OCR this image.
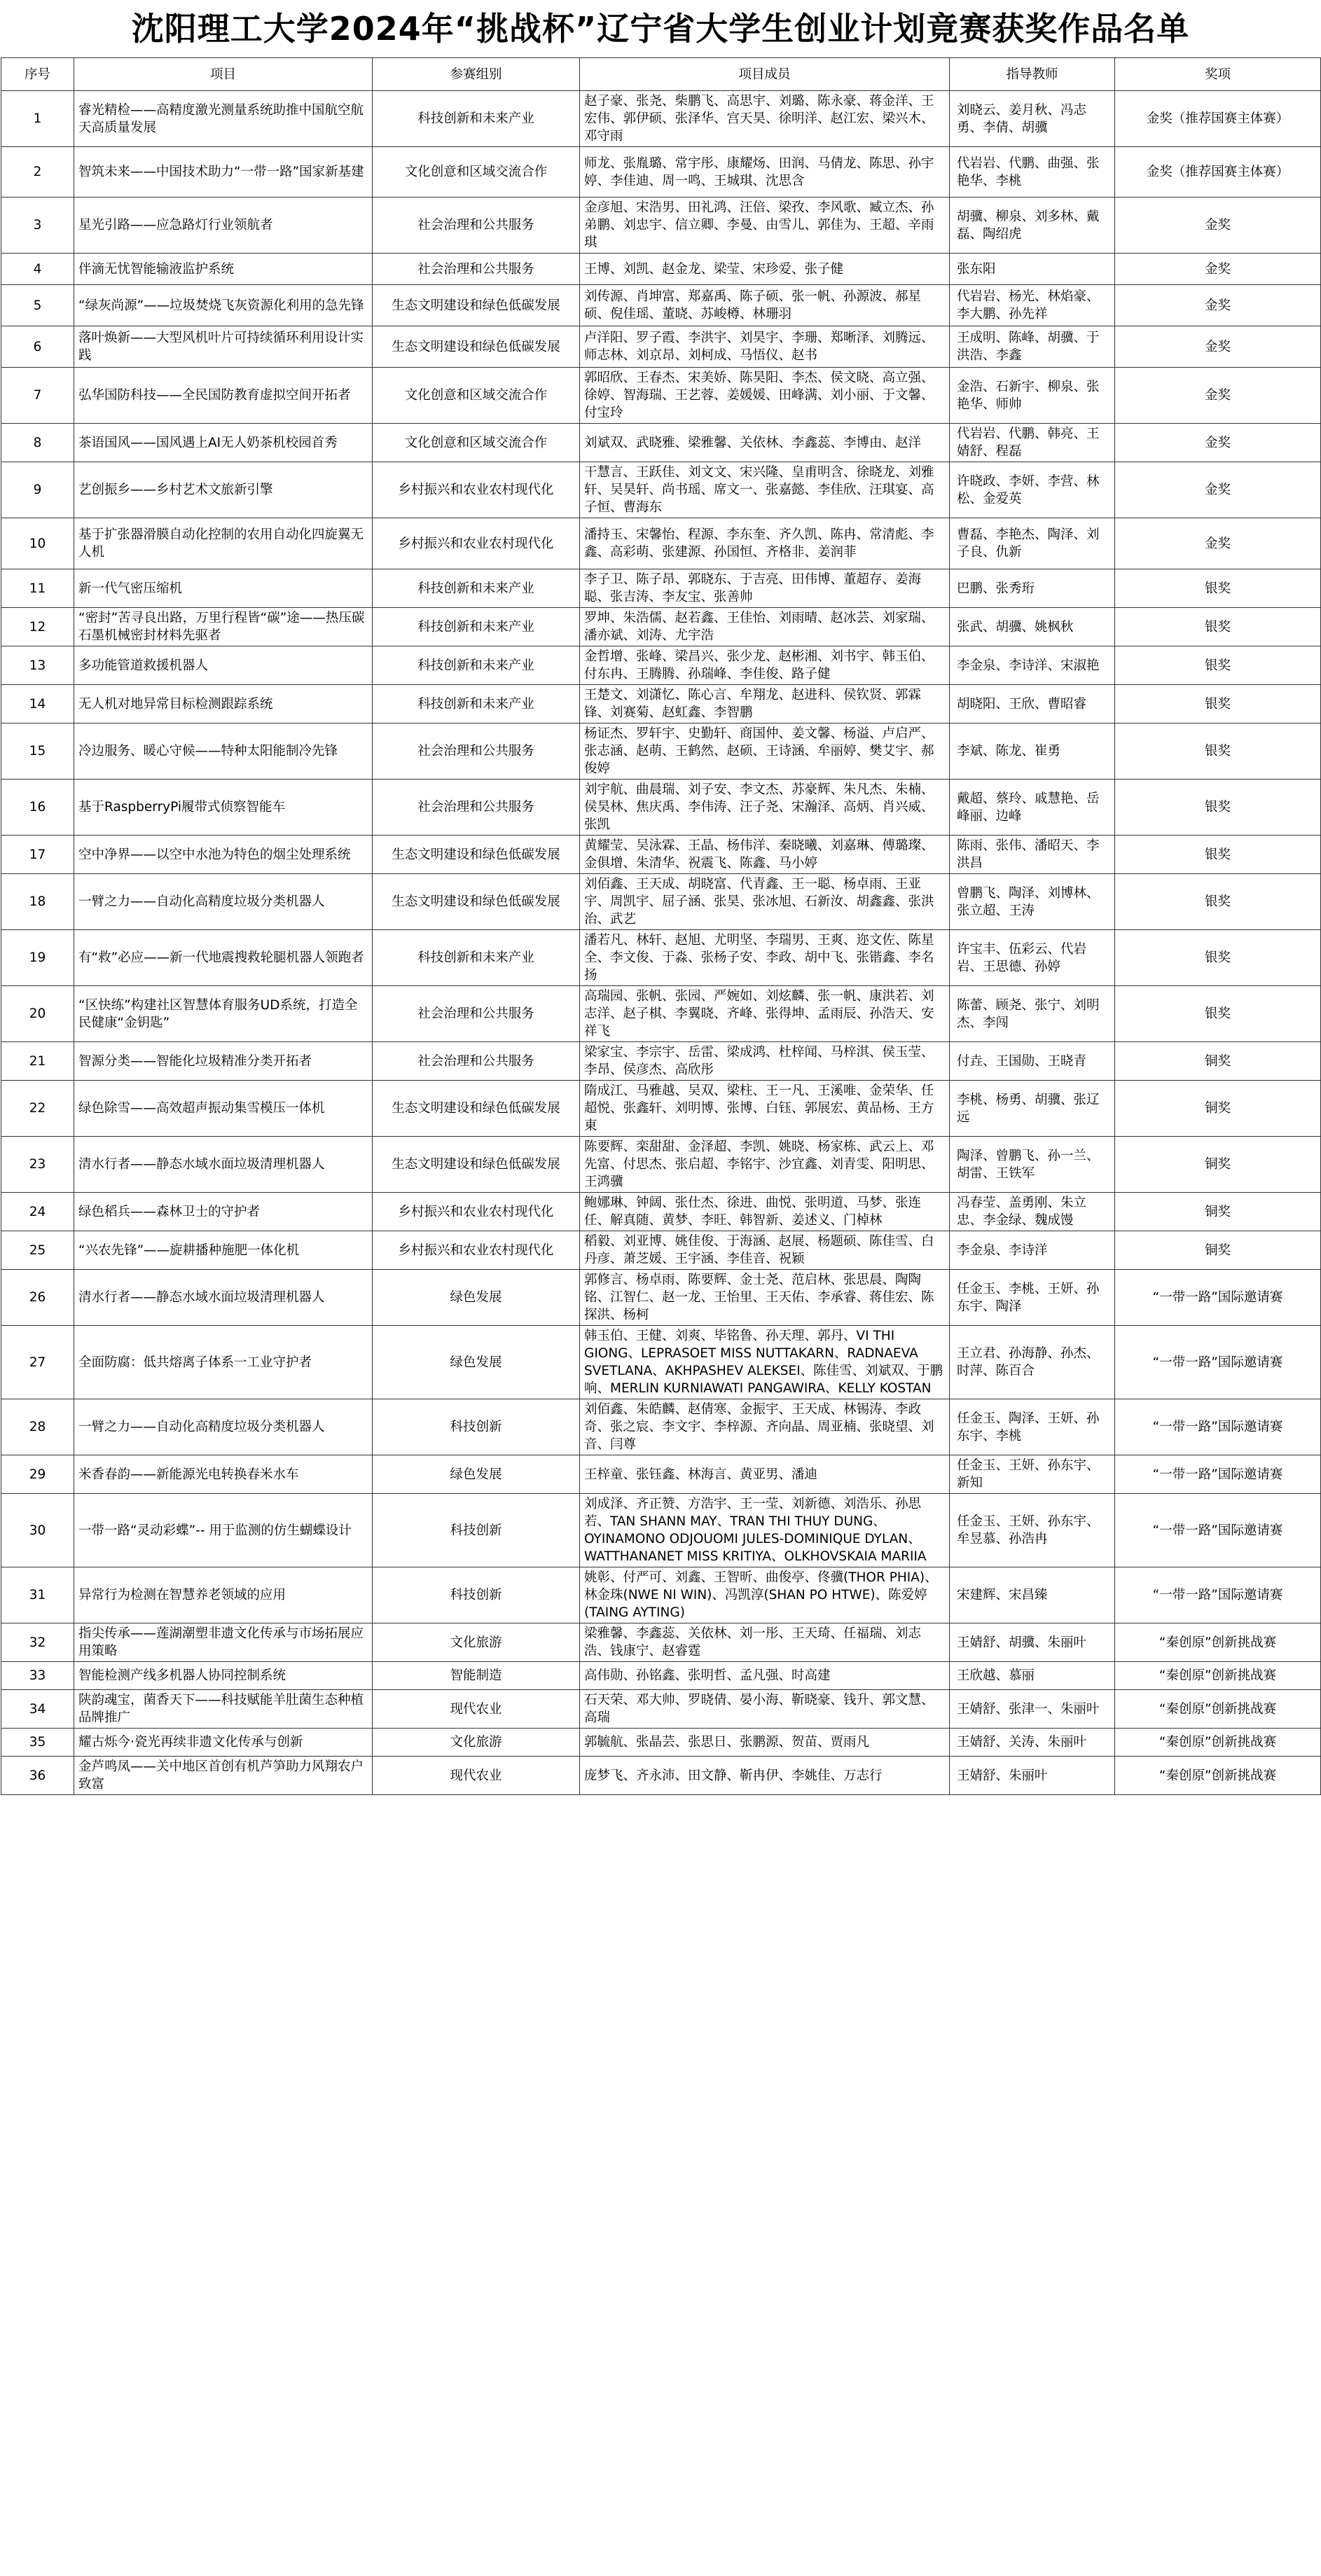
沈阳理工大学2024年“挑战杯”辽宁省大学生创业计划竟赛获奖作品名单
序号	项目	参赛组别	项目成员	指导教师	奖项
1	睿光精检——高精度激光测量系统助推中国航空航天高质量发展	科技创新和未来产业	赵子豪、张尧、柴鹏飞、高思宇、刘璐、陈永豪、蒋金洋、王宏伟、郭伊硕、张泽华、宫天昊、徐明洋、赵江宏、梁兴木、邓守雨	刘晓云、姜月秋、冯志勇、李倩、胡骥	金奖（推荐国赛主体赛）
2	智筑未来——中国技术助力“一带一路”国家新基建	文化创意和区域交流合作	师龙、张胤璐、常宇彤、康耀炀、田润、马倩龙、陈思、孙宇婷、李佳迪、周一鸣、王城琪、沈思含	代岩岩、代鹏、曲强、张艳华、李桃	金奖（推荐国赛主体赛）
3	星光引路——应急路灯行业领航者	社会治理和公共服务	金彦旭、宋浩男、田礼鸿、汪倍、梁孜、李风歌、臧立杰、孙弟鹏、刘忠宇、信立卿、李曼、由雪儿、郭佳为、王超、辛雨琪	胡骥、柳泉、刘多林、戴磊、陶绍虎	金奖
4	伴滴无忧智能输液监护系统	社会治理和公共服务	王博、刘凯、赵金龙、梁莹、宋珍爱、张子健	张东阳	金奖
5	“绿灰尚源”——垃圾焚烧飞灰资源化利用的急先锋	生态文明建设和绿色低碳发展	刘传源、肖坤富、郑嘉禹、陈子硕、张一帆、孙源波、郝星硕、倪佳瑶、董晓、苏峻樽、林珊羽	代岩岩、杨光、林焰豪、李大鹏、孙先祥	金奖
6	落叶焕新——大型风机叶片可持续循环利用设计实践	生态文明建设和绿色低碳发展	卢洋阳、罗子霞、李洪宇、刘昊宇、李珊、郑晰泽、刘腾远、师志林、刘京昂、刘柯成、马悟仪、赵书	王成明、陈峰、胡骥、于洪浩、李鑫	金奖
7	弘华国防科技——全民国防教育虚拟空间开拓者	文化创意和区域交流合作	郭昭欣、王春杰、宋美娇、陈昊阳、李杰、侯文晓、高立强、徐婷、智海瑞、王艺蓉、姜媛媛、田峰满、刘小丽、于文馨、付宝玲	金浩、石新宇、柳泉、张艳华、师帅	金奖
8	茶语国风——国风遇上AI无人奶茶机校园首秀	文化创意和区域交流合作	刘斌双、武晓雅、梁雅馨、关依林、李鑫蕊、李博由、赵洋	代岩岩、代鹏、韩亮、王婧舒、程磊	金奖
9	艺创振乡——乡村艺术文旅新引擎	乡村振兴和农业农村现代化	干慧言、王跃佳、刘文文、宋兴隆、皇甫明含、徐晓龙、刘雅轩、吴昊轩、尚书瑶、席文一、张嘉懿、李佳欣、汪琪宴、高子恒、曹海东	许晓政、李妍、李营、林松、金爱英	金奖
10	基于扩张器滑膜自动化控制的农用自动化四旋翼无人机	乡村振兴和农业农村现代化	潘持玉、宋馨怡、程源、李东奎、齐久凯、陈冉、常清彪、李鑫、高彩萌、张建源、孙国恒、齐格非、姜润菲	曹磊、李艳杰、陶泽、刘子良、仇新	金奖
11	新一代气密压缩机	科技创新和未来产业	李子卫、陈子昂、郭晓东、于吉亮、田伟博、董超存、姜海聪、张吉涛、李友宝、张善帅	巴鹏、张秀珩	银奖
12	“密封”苦寻良出路，万里行程皆“碳”途——热压碳石墨机械密封材料先驱者	科技创新和未来产业	罗坤、朱浩儒、赵若鑫、王佳怡、刘雨晴、赵冰芸、刘家瑞、潘亦斌、刘涛、尤宇浩	张武、胡骥、姚枫秋	银奖
13	多功能管道救援机器人	科技创新和未来产业	金哲增、张峰、梁昌兴、张少龙、赵彬湘、刘书宇、韩玉伯、付东冉、王腾腾、孙瑞峰、李佳俊、路子健	李金泉、李诗洋、宋淑艳	银奖
14	无人机对地异常目标检测跟踪系统	科技创新和未来产业	王楚文、刘潇忆、陈心言、牟翔龙、赵进科、侯钦贤、郭霖锋、刘赛菊、赵虹鑫、李智鹏	胡晓阳、王欣、曹昭睿	银奖
15	冷边服务、暖心守候——特种太阳能制冷先锋	社会治理和公共服务	杨证杰、罗轩宇、史勤轩、商国仲、姜文馨、杨溢、卢启严、张志涵、赵萌、王鹤然、赵硕、王诗涵、牟丽婷、樊艾宇、郝俊婷	李斌、陈龙、崔勇	银奖
16	基于RaspberryPi履带式侦察智能车	社会治理和公共服务	刘宇航、曲晨瑞、刘子安、李文杰、苏豪辉、朱凡杰、朱楠、侯昊林、焦庆禹、李伟涛、汪子尧、宋瀚泽、高炳、肖兴威、张凯	戴超、蔡玲、戚慧艳、岳峰丽、边峰	银奖
17	空中净界——以空中水池为特色的烟尘处理系统	生态文明建设和绿色低碳发展	黄耀莹、吴泳霖、王晶、杨伟洋、秦晓曦、刘嘉琳、傅璐璨、金俱增、朱清华、祝震飞、陈鑫、马小婷	陈雨、张伟、潘昭天、李洪昌	银奖
18	一臂之力——自动化高精度垃圾分类机器人	生态文明建设和绿色低碳发展	刘佰鑫、王天成、胡晓富、代青鑫、王一聪、杨卓雨、王亚宇、周凯宇、屈子涵、张昊、张冰旭、石新汝、胡鑫鑫、张洪治、武艺	曾鹏飞、陶泽、刘博林、张立超、王涛	银奖
19	有“救”必应——新一代地震搜救轮腿机器人领跑者	科技创新和未来产业	潘若凡、林轩、赵旭、尤明坚、李瑞男、王爽、迩文佐、陈星全、李文俊、于淼、张杨子安、李政、胡中飞、张锴鑫、李名扬	许宝丰、伍彩云、代岩岩、王思德、孙婷	银奖
20	“区快练”构建社区智慧体育服务UD系统，打造全民健康“金钥匙”	社会治理和公共服务	高瑞园、张帆、张园、严婉如、刘炫麟、张一帆、康洪若、刘志洋、赵子棋、李翼晓、齐峰、张得坤、孟雨辰、孙浩天、安祥飞	陈蕾、顾尧、张宁、刘明杰、李闯	银奖
21	智源分类——智能化垃圾精准分类开拓者	社会治理和公共服务	梁家宝、李宗宇、岳雷、梁成鸿、杜梓闻、马梓淇、侯玉莹、李昂、侯彦杰、高欣彤	付垚、王国勋、王晓青	铜奖
22	绿色除雪——高效超声振动集雪模压一体机	生态文明建设和绿色低碳发展	隋成江、马雅越、吴双、梁柱、王一凡、王溪唯、金荣华、任超悦、张鑫轩、刘明博、张博、白钰、郭展宏、黄品杨、王方東	李桃、杨勇、胡骥、张辽远	铜奖
23	清水行者——静态水域水面垃圾清理机器人	生态文明建设和绿色低碳发展	陈要辉、栾甜甜、金泽超、李凯、姚晓、杨家栋、武云上、邓先富、付思杰、张启超、李铭宇、沙宜鑫、刘青雯、阳明思、王鸿骥	陶泽、曾鹏飞、孙一兰、胡雷、王铁军	铜奖
24	绿色稻兵——森林卫士的守护者	乡村振兴和农业农村现代化	鲍娜琳、钟阔、张仕杰、徐进、曲悦、张明道、马梦、张连任、解真随、黄梦、李旺、韩智新、姜述义、门棹林	冯春莹、盖勇刚、朱立忠、李金绿、魏成馒	铜奖
25	“兴农先锋”——旋耕播种施肥一体化机	乡村振兴和农业农村现代化	稻毅、刘亚博、姚佳俊、于海涵、赵展、杨题硕、陈佳雪、白丹彦、萧芝媛、王宇涵、李佳音、祝颖	李金泉、李诗洋	铜奖
26	清水行者——静态水域水面垃圾清理机器人	绿色发展	郭修言、杨卓雨、陈要辉、金士尧、范启林、张思晨、陶陶铭、江智仁、赵一龙、王怡里、王天佑、李承睿、蒋佳宏、陈探洪、杨柯	任金玉、李桃、王妍、孙东宇、陶泽	“一带一路”国际邀请赛
27	全面防腐：低共熔离子体系一工业守护者	绿色发展	韩玉伯、王健、刘爽、毕铭鲁、孙天理、郭丹、VI THI GIONG、LEPRASOET MISS NUTTAKARN、RADNAEVA SVETLANA、AKHPASHEV ALEKSEI、陈佳雪、刘斌双、于鹏响、MERLIN KURNIAWATI PANGAWIRA、KELLY KOSTAN	王立君、孙海静、孙杰、时萍、陈百合	“一带一路”国际邀请赛
28	一臂之力——自动化高精度垃圾分类机器人	科技创新	刘佰鑫、朱皓麟、赵倩寒、金振宇、王天成、林锡涛、李政奇、张之宸、李文宇、李梓源、齐向晶、周亚楠、张晓望、刘音、闫尊	任金玉、陶泽、王妍、孙东宇、李桃	“一带一路”国际邀请赛
29	米香春韵——新能源光电转换春米水车	绿色发展	王梓童、张钰鑫、林海言、黄亚男、潘迪	任金玉、王妍、孙东宇、新知	“一带一路”国际邀请赛
30	一带一路“灵动彩蝶”-- 用于监测的仿生蝴蝶设计	科技创新	刘成泽、齐正赞、方浩宇、王一莹、刘新德、刘浩乐、孙思若、TAN SHANN MAY、TRAN THI THUY DUNG、OYINAMONO ODJOUOMI JULES-DOMINIQUE DYLAN、WATTHANANET MISS KRITIYA、OLKHOVSKAIA MARIIA	任金玉、王妍、孙东宇、牟昱慕、孙浩冉	“一带一路”国际邀请赛
31	异常行为检测在智慧养老领域的应用	科技创新	姚彰、付严可、刘鑫、王智昕、曲俊亭、佟骥(THOR PHIA)、林金珠(NWE NI WIN)、冯凯淳(SHAN PO HTWE)、陈爱婷(TAING AYTING)	宋建辉、宋昌臻	“一带一路”国际邀请赛
32	指尖传承——莲湖潮塑非遗文化传承与市场拓展应用策略	文化旅游	梁雅馨、李鑫蕊、关依林、刘一彤、王天琦、任福瑞、刘志浩、钱康宁、赵睿霆	王婧舒、胡骥、朱丽叶	“秦创原”创新挑战赛
33	智能检测产线多机器人协同控制系统	智能制造	高伟勋、孙铭鑫、张明哲、孟凡强、时高建	王欣越、慕丽	“秦创原”创新挑战赛
34	陕韵魂宝，菌香天下——科技赋能羊肚菌生态种植品牌推广	现代农业	石天荣、邓大帅、罗晓倩、晏小海、靳晓豪、钱升、郭文慧、高瑞	王婧舒、张津一、朱丽叶	“秦创原”创新挑战赛
35	耀古烁今·瓷光再续非遗文化传承与创新	文化旅游	郭毓航、张晶芸、张思日、张鹏源、贺苗、贾雨凡	王婧舒、关涛、朱丽叶	“秦创原”创新挑战赛
36	金芦鸣凤——关中地区首创有机芦笋助力风翔农户致富	现代农业	庞梦飞、齐永沛、田文静、靳冉伊、李姚佳、万志行	王婧舒、朱丽叶	“秦创原”创新挑战赛
